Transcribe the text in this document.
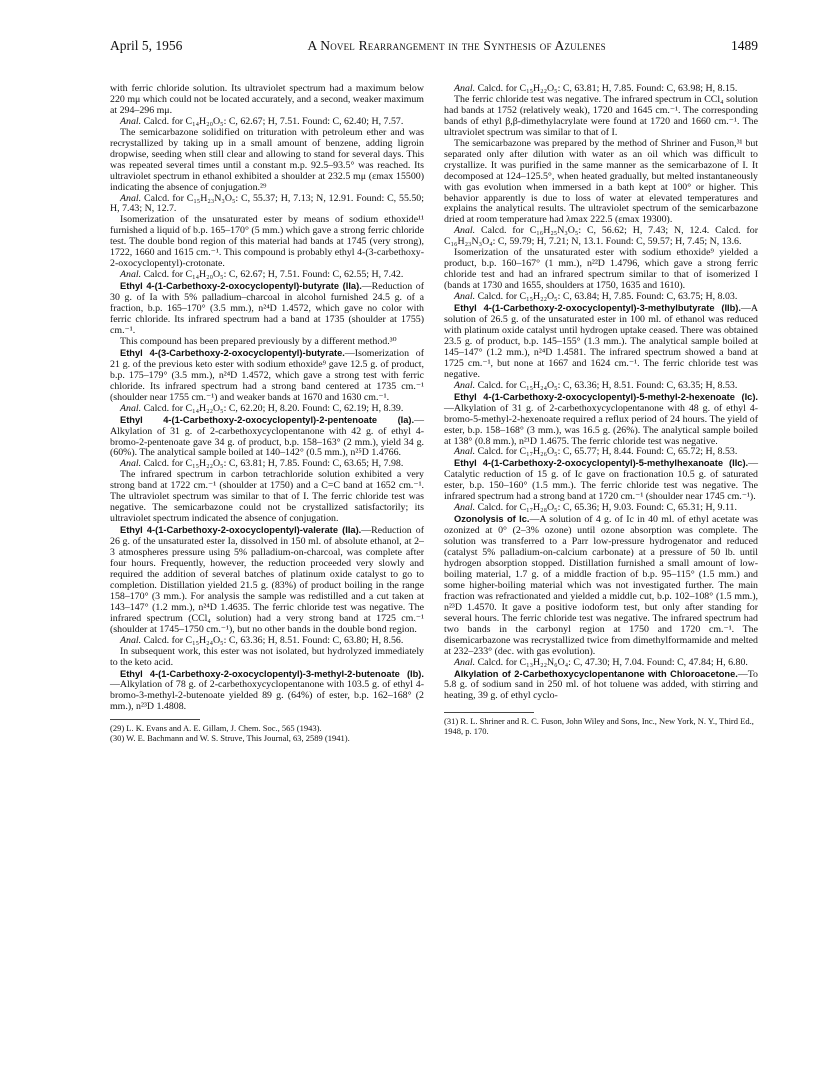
April 5, 1956	A Novel Rearrangement in the Synthesis of Azulenes	1489

with ferric chloride solution. Its ultraviolet spectrum had a maximum below 220 mμ which could not be located accurately, and a second, weaker maximum at 294–296 mμ.

Anal. Calcd. for C₁₄H₂₀O₅: C, 62.67; H, 7.51. Found: C, 62.40; H, 7.57.

The semicarbazone solidified on trituration with petroleum ether and was recrystallized by taking up in a small amount of benzene, adding ligroin dropwise, seeding when still clear and allowing to stand for several days. This was repeated several times until a constant m.p. 92.5–93.5° was reached. Its ultraviolet spectrum in ethanol exhibited a shoulder at 232.5 mμ (εmax 15500) indicating the absence of conjugation.²⁹

Anal. Calcd. for C₁₅H₂₃N₃O₅: C, 55.37; H, 7.13; N, 12.91. Found: C, 55.50; H, 7.43; N, 12.7.

Isomerization of the unsaturated ester by means of sodium ethoxide¹¹ furnished a liquid of b.p. 165–170° (5 mm.) which gave a strong ferric chloride test. The double bond region of this material had bands at 1745 (very strong), 1722, 1660 and 1615 cm.⁻¹. This compound is probably ethyl 4-(3-carbethoxy-2-oxocyclopentyl)-crotonate.

Anal. Calcd. for C₁₄H₂₀O₅: C, 62.67; H, 7.51. Found: C, 62.55; H, 7.42.

Ethyl 4-(1-Carbethoxy-2-oxocyclopentyl)-butyrate (IIa).—Reduction of 30 g. of Ia with 5% palladium–charcoal in alcohol furnished 24.5 g. of a fraction, b.p. 165–170° (3.5 mm.), n²⁴D 1.4572, which gave no color with ferric chloride. Its infrared spectrum had a band at 1735 (shoulder at 1755) cm.⁻¹.

This compound has been prepared previously by a different method.³⁰

Ethyl 4-(3-Carbethoxy-2-oxocyclopentyl)-butyrate.—Isomerization of 21 g. of the previous keto ester with sodium ethoxide⁹ gave 12.5 g. of product, b.p. 175–179° (3.5 mm.), n²⁴D 1.4572, which gave a strong test with ferric chloride. Its infrared spectrum had a strong band centered at 1735 cm.⁻¹ (shoulder near 1755 cm.⁻¹) and weaker bands at 1670 and 1630 cm.⁻¹.

Anal. Calcd. for C₁₄H₂₂O₅: C, 62.20; H, 8.20. Found: C, 62.19; H, 8.39.

Ethyl 4-(1-Carbethoxy-2-oxocyclopentyl)-2-pentenoate (Ia).—Alkylation of 31 g. of 2-carbethoxycyclopentanone with 42 g. of ethyl 4-bromo-2-pentenoate gave 34 g. of product, b.p. 158–163° (2 mm.), yield 34 g. (60%). The analytical sample boiled at 140–142° (0.5 mm.), n²⁵D 1.4766.

Anal. Calcd. for C₁₅H₂₂O₅: C, 63.81; H, 7.85. Found: C, 63.65; H, 7.98.

The infrared spectrum in carbon tetrachloride solution exhibited a very strong band at 1722 cm.⁻¹ (shoulder at 1750) and a C=C band at 1652 cm.⁻¹. The ultraviolet spectrum was similar to that of I. The ferric chloride test was negative. The semicarbazone could not be crystallized satisfactorily; its ultraviolet spectrum indicated the absence of conjugation.

Ethyl 4-(1-Carbethoxy-2-oxocyclopentyl)-valerate (IIa).—Reduction of 26 g. of the unsaturated ester Ia, dissolved in 150 ml. of absolute ethanol, at 2–3 atmospheres pressure using 5% palladium-on-charcoal, was complete after four hours. Frequently, however, the reduction proceeded very slowly and required the addition of several batches of platinum oxide catalyst to go to completion. Distillation yielded 21.5 g. (83%) of product boiling in the range 158–170° (3 mm.). For analysis the sample was redistilled and a cut taken at 143–147° (1.2 mm.), n²⁴D 1.4635. The ferric chloride test was negative. The infrared spectrum (CCl₄ solution) had a very strong band at 1725 cm.⁻¹ (shoulder at 1745–1750 cm.⁻¹), but no other bands in the double bond region.

Anal. Calcd. for C₁₅H₂₄O₅: C, 63.36; H, 8.51. Found: C, 63.80; H, 8.56.

In subsequent work, this ester was not isolated, but hydrolyzed immediately to the keto acid.

Ethyl 4-(1-Carbethoxy-2-oxocyclopentyl)-3-methyl-2-butenoate (Ib).—Alkylation of 78 g. of 2-carbethoxycyclopentanone with 103.5 g. of ethyl 4-bromo-3-methyl-2-butenoate yielded 89 g. (64%) of ester, b.p. 162–168° (2 mm.), n²³D 1.4808.

(29) L. K. Evans and A. E. Gillam, J. Chem. Soc., 565 (1943).

(30) W. E. Bachmann and W. S. Struve, This Journal, 63, 2589 (1941).

Anal. Calcd. for C₁₅H₂₂O₅: C, 63.81; H, 7.85. Found: C, 63.98; H, 8.15.

The ferric chloride test was negative. The infrared spectrum in CCl₄ solution had bands at 1752 (relatively weak), 1720 and 1645 cm.⁻¹. The corresponding bands of ethyl β,β-dimethylacrylate were found at 1720 and 1660 cm.⁻¹. The ultraviolet spectrum was similar to that of I.

The semicarbazone was prepared by the method of Shriner and Fuson,³¹ but separated only after dilution with water as an oil which was difficult to crystallize. It was purified in the same manner as the semicarbazone of I. It decomposed at 124–125.5°, when heated gradually, but melted instantaneously with gas evolution when immersed in a bath kept at 100° or higher. This behavior apparently is due to loss of water at elevated temperatures and explains the analytical results. The ultraviolet spectrum of the semicarbazone dried at room temperature had λmax 222.5 (εmax 19300).

Anal. Calcd. for C₁₆H₂₅N₃O₅: C, 56.62; H, 7.43; N, 12.4. Calcd. for C₁₆H₂₃N₃O₄: C, 59.79; H, 7.21; N, 13.1. Found: C, 59.57; H, 7.45; N, 13.6.

Isomerization of the unsaturated ester with sodium ethoxide⁹ yielded a product, b.p. 160–167° (1 mm.), n²²D 1.4796, which gave a strong ferric chloride test and had an infrared spectrum similar to that of isomerized I (bands at 1730 and 1655, shoulders at 1750, 1635 and 1610).

Anal. Calcd. for C₁₅H₂₂O₅: C, 63.84; H, 7.85. Found: C, 63.75; H, 8.03.

Ethyl 4-(1-Carbethoxy-2-oxocyclopentyl)-3-methylbutyrate (IIb).—A solution of 26.5 g. of the unsaturated ester in 100 ml. of ethanol was reduced with platinum oxide catalyst until hydrogen uptake ceased. There was obtained 23.5 g. of product, b.p. 145–155° (1.3 mm.). The analytical sample boiled at 145–147° (1.2 mm.), n²⁴D 1.4581. The infrared spectrum showed a band at 1725 cm.⁻¹, but none at 1667 and 1624 cm.⁻¹. The ferric chloride test was negative.

Anal. Calcd. for C₁₅H₂₄O₅: C, 63.36; H, 8.51. Found: C, 63.35; H, 8.53.

Ethyl 4-(1-Carbethoxy-2-oxocyclopentyl)-5-methyl-2-hexenoate (Ic).—Alkylation of 31 g. of 2-carbethoxycyclopentanone with 48 g. of ethyl 4-bromo-5-methyl-2-hexenoate required a reflux period of 24 hours. The yield of ester, b.p. 158–168° (3 mm.), was 16.5 g. (26%). The analytical sample boiled at 138° (0.8 mm.), n²¹D 1.4675. The ferric chloride test was negative.

Anal. Calcd. for C₁₇H₂₆O₅: C, 65.77; H, 8.44. Found: C, 65.72; H, 8.53.

Ethyl 4-(1-Carbethoxy-2-oxocyclopentyl)-5-methylhexanoate (IIc).—Catalytic reduction of 15 g. of Ic gave on fractionation 10.5 g. of saturated ester, b.p. 150–160° (1.5 mm.). The ferric chloride test was negative. The infrared spectrum had a strong band at 1720 cm.⁻¹ (shoulder near 1745 cm.⁻¹).

Anal. Calcd. for C₁₇H₂₈O₅: C, 65.36; H, 9.03. Found: C, 65.31; H, 9.11.

Ozonolysis of Ic.—A solution of 4 g. of Ic in 40 ml. of ethyl acetate was ozonized at 0° (2–3% ozone) until ozone absorption was complete. The solution was transferred to a Parr low-pressure hydrogenator and reduced (catalyst 5% palladium-on-calcium carbonate) at a pressure of 50 lb. until hydrogen absorption stopped. Distillation furnished a small amount of low-boiling material, 1.7 g. of a middle fraction of b.p. 95–115° (1.5 mm.) and some higher-boiling material which was not investigated further. The main fraction was refractionated and yielded a middle cut, b.p. 102–108° (1.5 mm.), n²³D 1.4570. It gave a positive iodoform test, but only after standing for several hours. The ferric chloride test was negative. The infrared spectrum had two bands in the carbonyl region at 1750 and 1720 cm.⁻¹. The disemicarbazone was recrystallized twice from dimethylformamide and melted at 232–233° (dec. with gas evolution).

Anal. Calcd. for C₁₃H₂₂N₆O₄: C, 47.30; H, 7.04. Found: C, 47.84; H, 6.80.

Alkylation of 2-Carbethoxycyclopentanone with Chloroacetone.—To 5.8 g. of sodium sand in 250 ml. of hot toluene was added, with stirring and heating, 39 g. of ethyl cyclo-

(31) R. L. Shriner and R. C. Fuson, John Wiley and Sons, Inc., New York, N. Y., Third Ed., 1948, p. 170.
